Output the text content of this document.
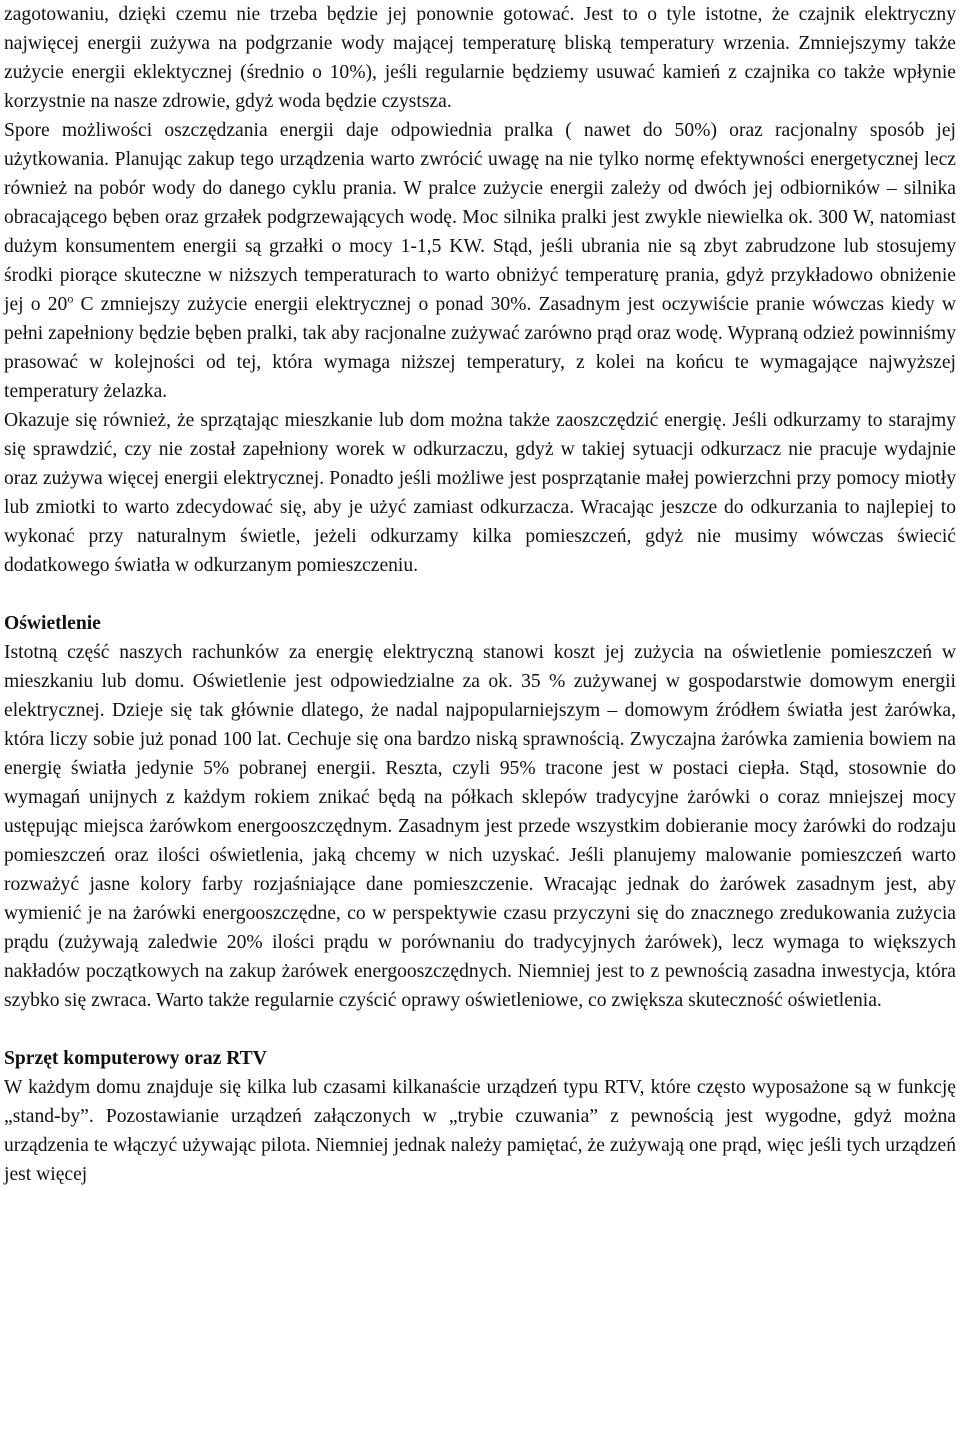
zagotowaniu, dzięki czemu nie trzeba będzie jej ponownie gotować. Jest to o tyle istotne, że czajnik elektryczny najwięcej energii zużywa na podgrzanie wody mającej temperaturę bliską temperatury wrzenia. Zmniejszymy także zużycie energii eklektycznej (średnio o 10%), jeśli regularnie będziemy usuwać kamień z czajnika co także wpłynie korzystnie na nasze zdrowie, gdyż woda będzie czystsza.

Spore możliwości oszczędzania energii daje odpowiednia pralka ( nawet do 50%) oraz racjonalny sposób jej użytkowania. Planując zakup tego urządzenia warto zwrócić uwagę na nie tylko normę efektywności energetycznej lecz również na pobór wody do danego cyklu prania. W pralce zużycie energii zależy od dwóch jej odbiorników – silnika obracającego bęben oraz grzałek podgrzewających wodę. Moc silnika pralki jest zwykle niewielka ok. 300 W, natomiast dużym konsumentem energii są grzałki o mocy 1-1,5 KW. Stąd, jeśli ubrania nie są zbyt zabrudzone lub stosujemy środki piorące skuteczne w niższych temperaturach to warto obniżyć temperaturę prania, gdyż przykładowo obniżenie jej o 20$^o$ C zmniejszy zużycie energii elektrycznej o ponad 30%. Zasadnym jest oczywiście pranie wówczas kiedy w pełni zapełniony będzie bęben pralki, tak aby racjonalne zużywać zarówno prąd oraz wodę. Wypraną odzież powinniśmy prasować w kolejności od tej, która wymaga niższej temperatury, z kolei na końcu te wymagające najwyższej temperatury żelazka.

Okazuje się również, że sprzątając mieszkanie lub dom można także zaoszczędzić energię. Jeśli odkurzamy to starajmy się sprawdzić, czy nie został zapełniony worek w odkurzaczu, gdyż w takiej sytuacji odkurzacz nie pracuje wydajnie oraz zużywa więcej energii elektrycznej. Ponadto jeśli możliwe jest posprzątanie małej powierzchni przy pomocy miotły lub zmiotki to warto zdecydować się, aby je użyć zamiast odkurzacza. Wracając jeszcze do odkurzania to najlepiej to wykonać przy naturalnym świetle, jeżeli odkurzamy kilka pomieszczeń, gdyż nie musimy wówczas świecić dodatkowego światła w odkurzanym pomieszczeniu.

Oświetlenie

Istotną część naszych rachunków za energię elektryczną stanowi koszt jej zużycia na oświetlenie pomieszczeń w mieszkaniu lub domu. Oświetlenie jest odpowiedzialne za ok. 35 % zużywanej w gospodarstwie domowym energii elektrycznej. Dzieje się tak głównie dlatego, że nadal najpopularniejszym – domowym źródłem światła jest żarówka, która liczy sobie już ponad 100 lat. Cechuje się ona bardzo niską sprawnością. Zwyczajna żarówka zamienia bowiem na energię światła jedynie 5% pobranej energii. Reszta, czyli 95% tracone jest w postaci ciepła. Stąd, stosownie do wymagań unijnych z każdym rokiem znikać będą na półkach sklepów tradycyjne żarówki o coraz mniejszej mocy ustępując miejsca żarówkom energooszczędnym. Zasadnym jest przede wszystkim dobieranie mocy żarówki do rodzaju pomieszczeń oraz ilości oświetlenia, jaką chcemy w nich uzyskać. Jeśli planujemy malowanie pomieszczeń warto rozważyć jasne kolory farby rozjaśniające dane pomieszczenie. Wracając jednak do żarówek zasadnym jest, aby wymienić je na żarówki energooszczędne, co w perspektywie czasu przyczyni się do znacznego zredukowania zużycia prądu (zużywają zaledwie 20% ilości prądu w porównaniu do tradycyjnych żarówek), lecz wymaga to większych nakładów początkowych na zakup żarówek energooszczędnych. Niemniej jest to z pewnością zasadna inwestycja, która szybko się zwraca. Warto także regularnie czyścić oprawy oświetleniowe, co zwiększa skuteczność oświetlenia.

Sprzęt komputerowy oraz RTV

W każdym domu znajduje się kilka lub czasami kilkanaście urządzeń typu RTV, które często wyposażone są w funkcję „stand-by”. Pozostawianie urządzeń załączonych w „trybie czuwania” z pewnością jest wygodne, gdyż można urządzenia te włączyć używając pilota. Niemniej jednak należy pamiętać, że zużywają one prąd, więc jeśli tych urządzeń jest więcej
